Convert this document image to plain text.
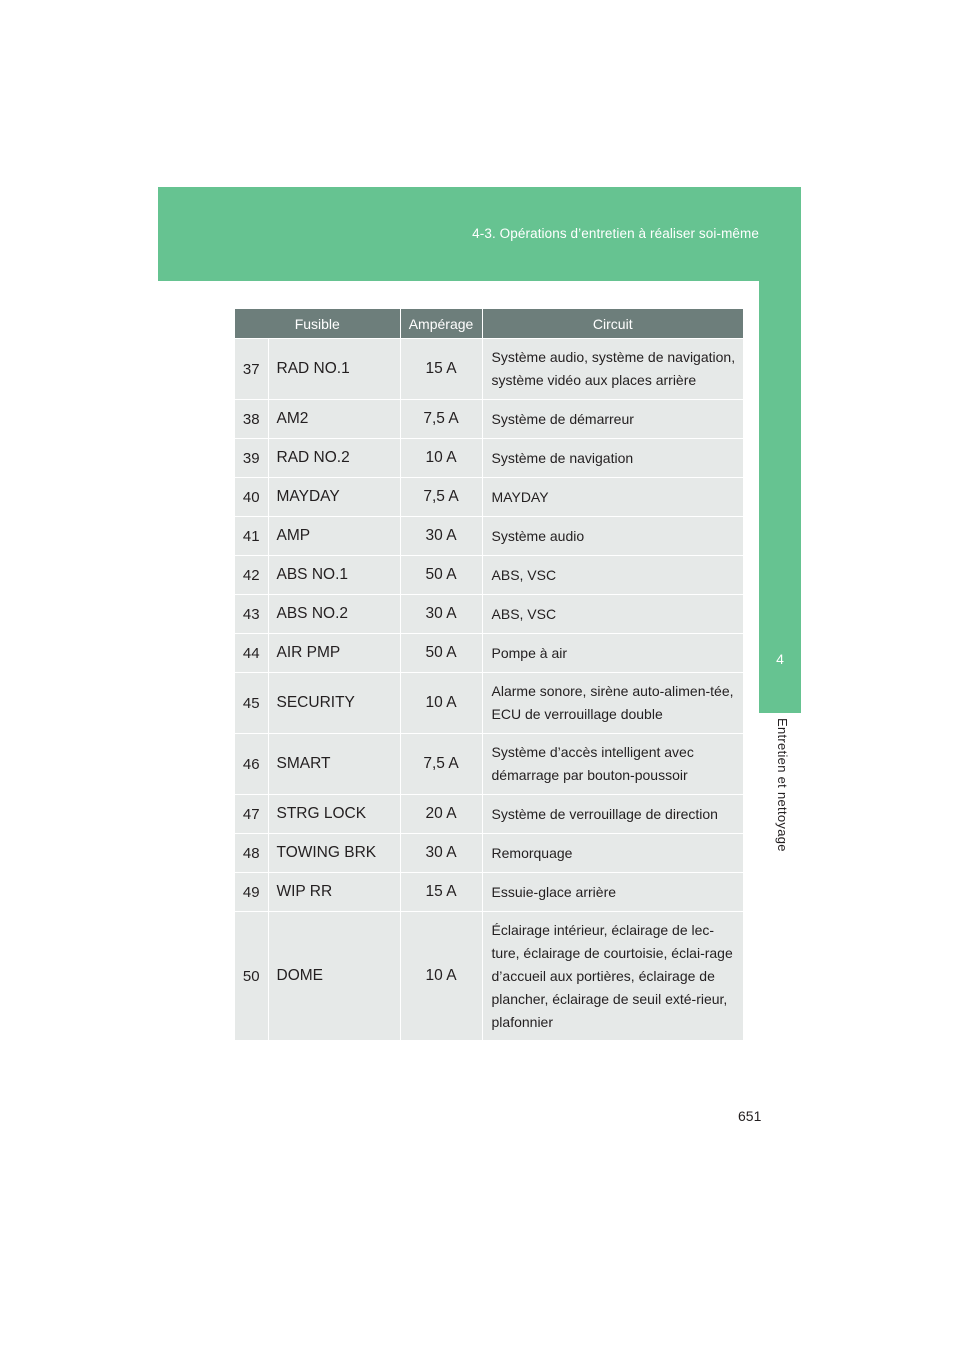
4-3. Opérations d’entretien à réaliser soi-même
4
Entretien et nettoyage
Fusible		Ampérage	Circuit
37	RAD NO.1	15 A	Système audio, système de navigation, système vidéo aux places arrière
38	AM2	7,5 A	Système de démarreur
39	RAD NO.2	10 A	Système de navigation
40	MAYDAY	7,5 A	MAYDAY
41	AMP	30 A	Système audio
42	ABS NO.1	50 A	ABS, VSC
43	ABS NO.2	30 A	ABS, VSC
44	AIR PMP	50 A	Pompe à air
45	SECURITY	10 A	Alarme sonore, sirène auto-alimen-tée, ECU de verrouillage double
46	SMART	7,5 A	Système d’accès intelligent avec démarrage par bouton-poussoir
47	STRG LOCK	20 A	Système de verrouillage de direction
48	TOWING BRK	30 A	Remorquage
49	WIP RR	15 A	Essuie-glace arrière
50	DOME	10 A	Éclairage intérieur, éclairage de lec-ture, éclairage de courtoisie, éclai-rage d’accueil aux portières, éclairage de plancher, éclairage de seuil exté-rieur, plafonnier
651
